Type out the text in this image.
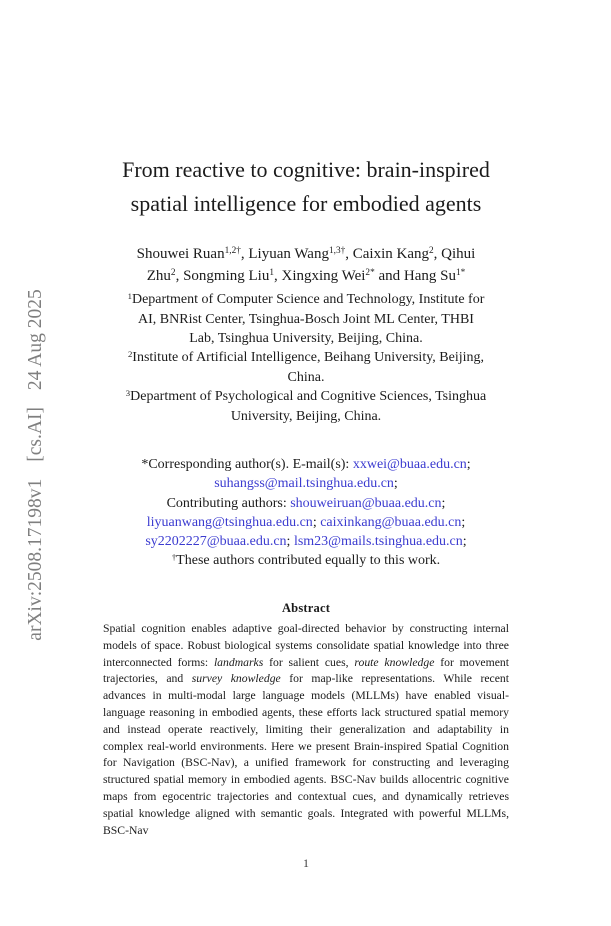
arXiv:2508.17198v1
[cs.AI]
24 Aug 2025
From reactive to cognitive: brain-inspired
spatial intelligence for embodied agents
Shouwei Ruan$^{1,2\dagger}$, Liyuan Wang$^{1,3\dagger}$, Caixin Kang$^2$, Qihui
Zhu$^2$, Songming Liu$^1$, Xingxing Wei$^{2*}$ and Hang $Su^{1*}$
$^1$Department of Computer Science and Technology, Institute for
AI, BNRist Center, Tsinghua-Bosch Joint ML Center, THBI
Lab, Tsinghua University, Beijing, China.
$^2$Institute of Artificial Intelligence, Beihang University, Beijing,
China.
$^3$Department of Psychological and Cognitive Sciences, Tsinghua
University, Beijing, China.
*Corresponding author(s). E-mail(s): xxwei@buaa.edu.cn;
suhangss@mail.tsinghua.edu.cn;
Contributing authors: shouweiruan@buaa.edu.cn;
liyuanwang@tsinghua.edu.cn; caixinkang@buaa.edu.cn;
sy2202227@buaa.edu.cn; lsm23@mails.tsinghua.edu.cn;
†These authors contributed equally to this work.
Abstract
Spatial cognition enables adaptive goal-directed behavior by constructing internal models of space. Robust biological systems consolidate spatial knowledge into three interconnected forms: landmarks for salient cues, route knowledge for movement trajectories, and survey knowledge for map-like representations. While recent advances in multi-modal large language models (MLLMs) have enabled visual-language reasoning in embodied agents, these efforts lack structured spatial memory and instead operate reactively, limiting their generalization and adaptability in complex real-world environments. Here we present Brain-inspired Spatial Cognition for Navigation (BSC-Nav), a unified framework for constructing and leveraging structured spatial memory in embodied agents. BSC-Nav builds allocentric cognitive maps from egocentric trajectories and contextual cues, and dynamically retrieves spatial knowledge aligned with semantic goals. Integrated with powerful MLLMs, BSC-Nav
1
